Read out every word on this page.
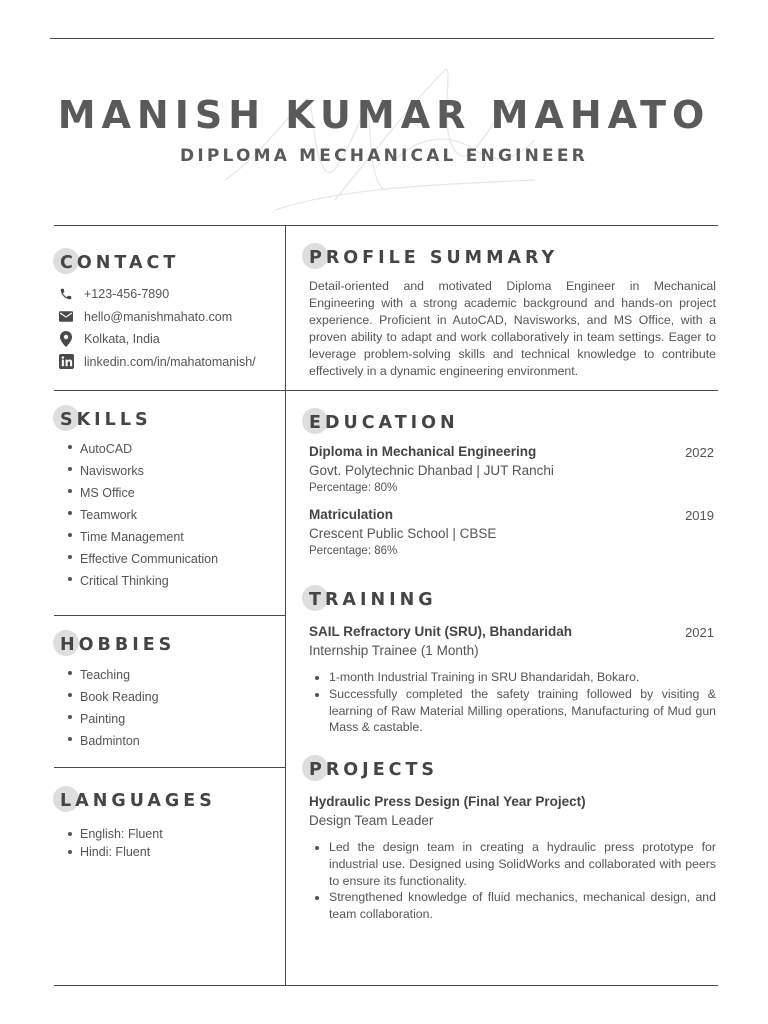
MANISH KUMAR MAHATO
DIPLOMA MECHANICAL ENGINEER
CONTACT
+123-456-7890
hello@manishmahato.com
Kolkata, India
linkedin.com/in/mahatomanish/
SKILLS
AutoCAD
Navisworks
MS Office
Teamwork
Time Management
Effective Communication
Critical Thinking
HOBBIES
Teaching
Book Reading
Painting
Badminton
LANGUAGES
English: Fluent
Hindi: Fluent
PROFILE SUMMARY
Detail-oriented and motivated Diploma Engineer in Mechanical Engineering with a strong academic background and hands-on project experience. Proficient in AutoCAD, Navisworks, and MS Office, with a proven ability to adapt and work collaboratively in team settings. Eager to leverage problem-solving skills and technical knowledge to contribute effectively in a dynamic engineering environment.
EDUCATION
Diploma in Mechanical Engineering	2022
Govt. Polytechnic Dhanbad | JUT Ranchi
Percentage: 80%
Matriculation	2019
Crescent Public School | CBSE
Percentage: 86%
TRAINING
SAIL Refractory Unit (SRU), Bhandaridah	2021
Internship Trainee (1 Month)
1-month Industrial Training in SRU Bhandaridah, Bokaro.
Successfully completed the safety training followed by visiting & learning of Raw Material Milling operations, Manufacturing of Mud gun Mass & castable.
PROJECTS
Hydraulic Press Design (Final Year Project)
Design Team Leader
Led the design team in creating a hydraulic press prototype for industrial use. Designed using SolidWorks and collaborated with peers to ensure its functionality.
Strengthened knowledge of fluid mechanics, mechanical design, and team collaboration.
